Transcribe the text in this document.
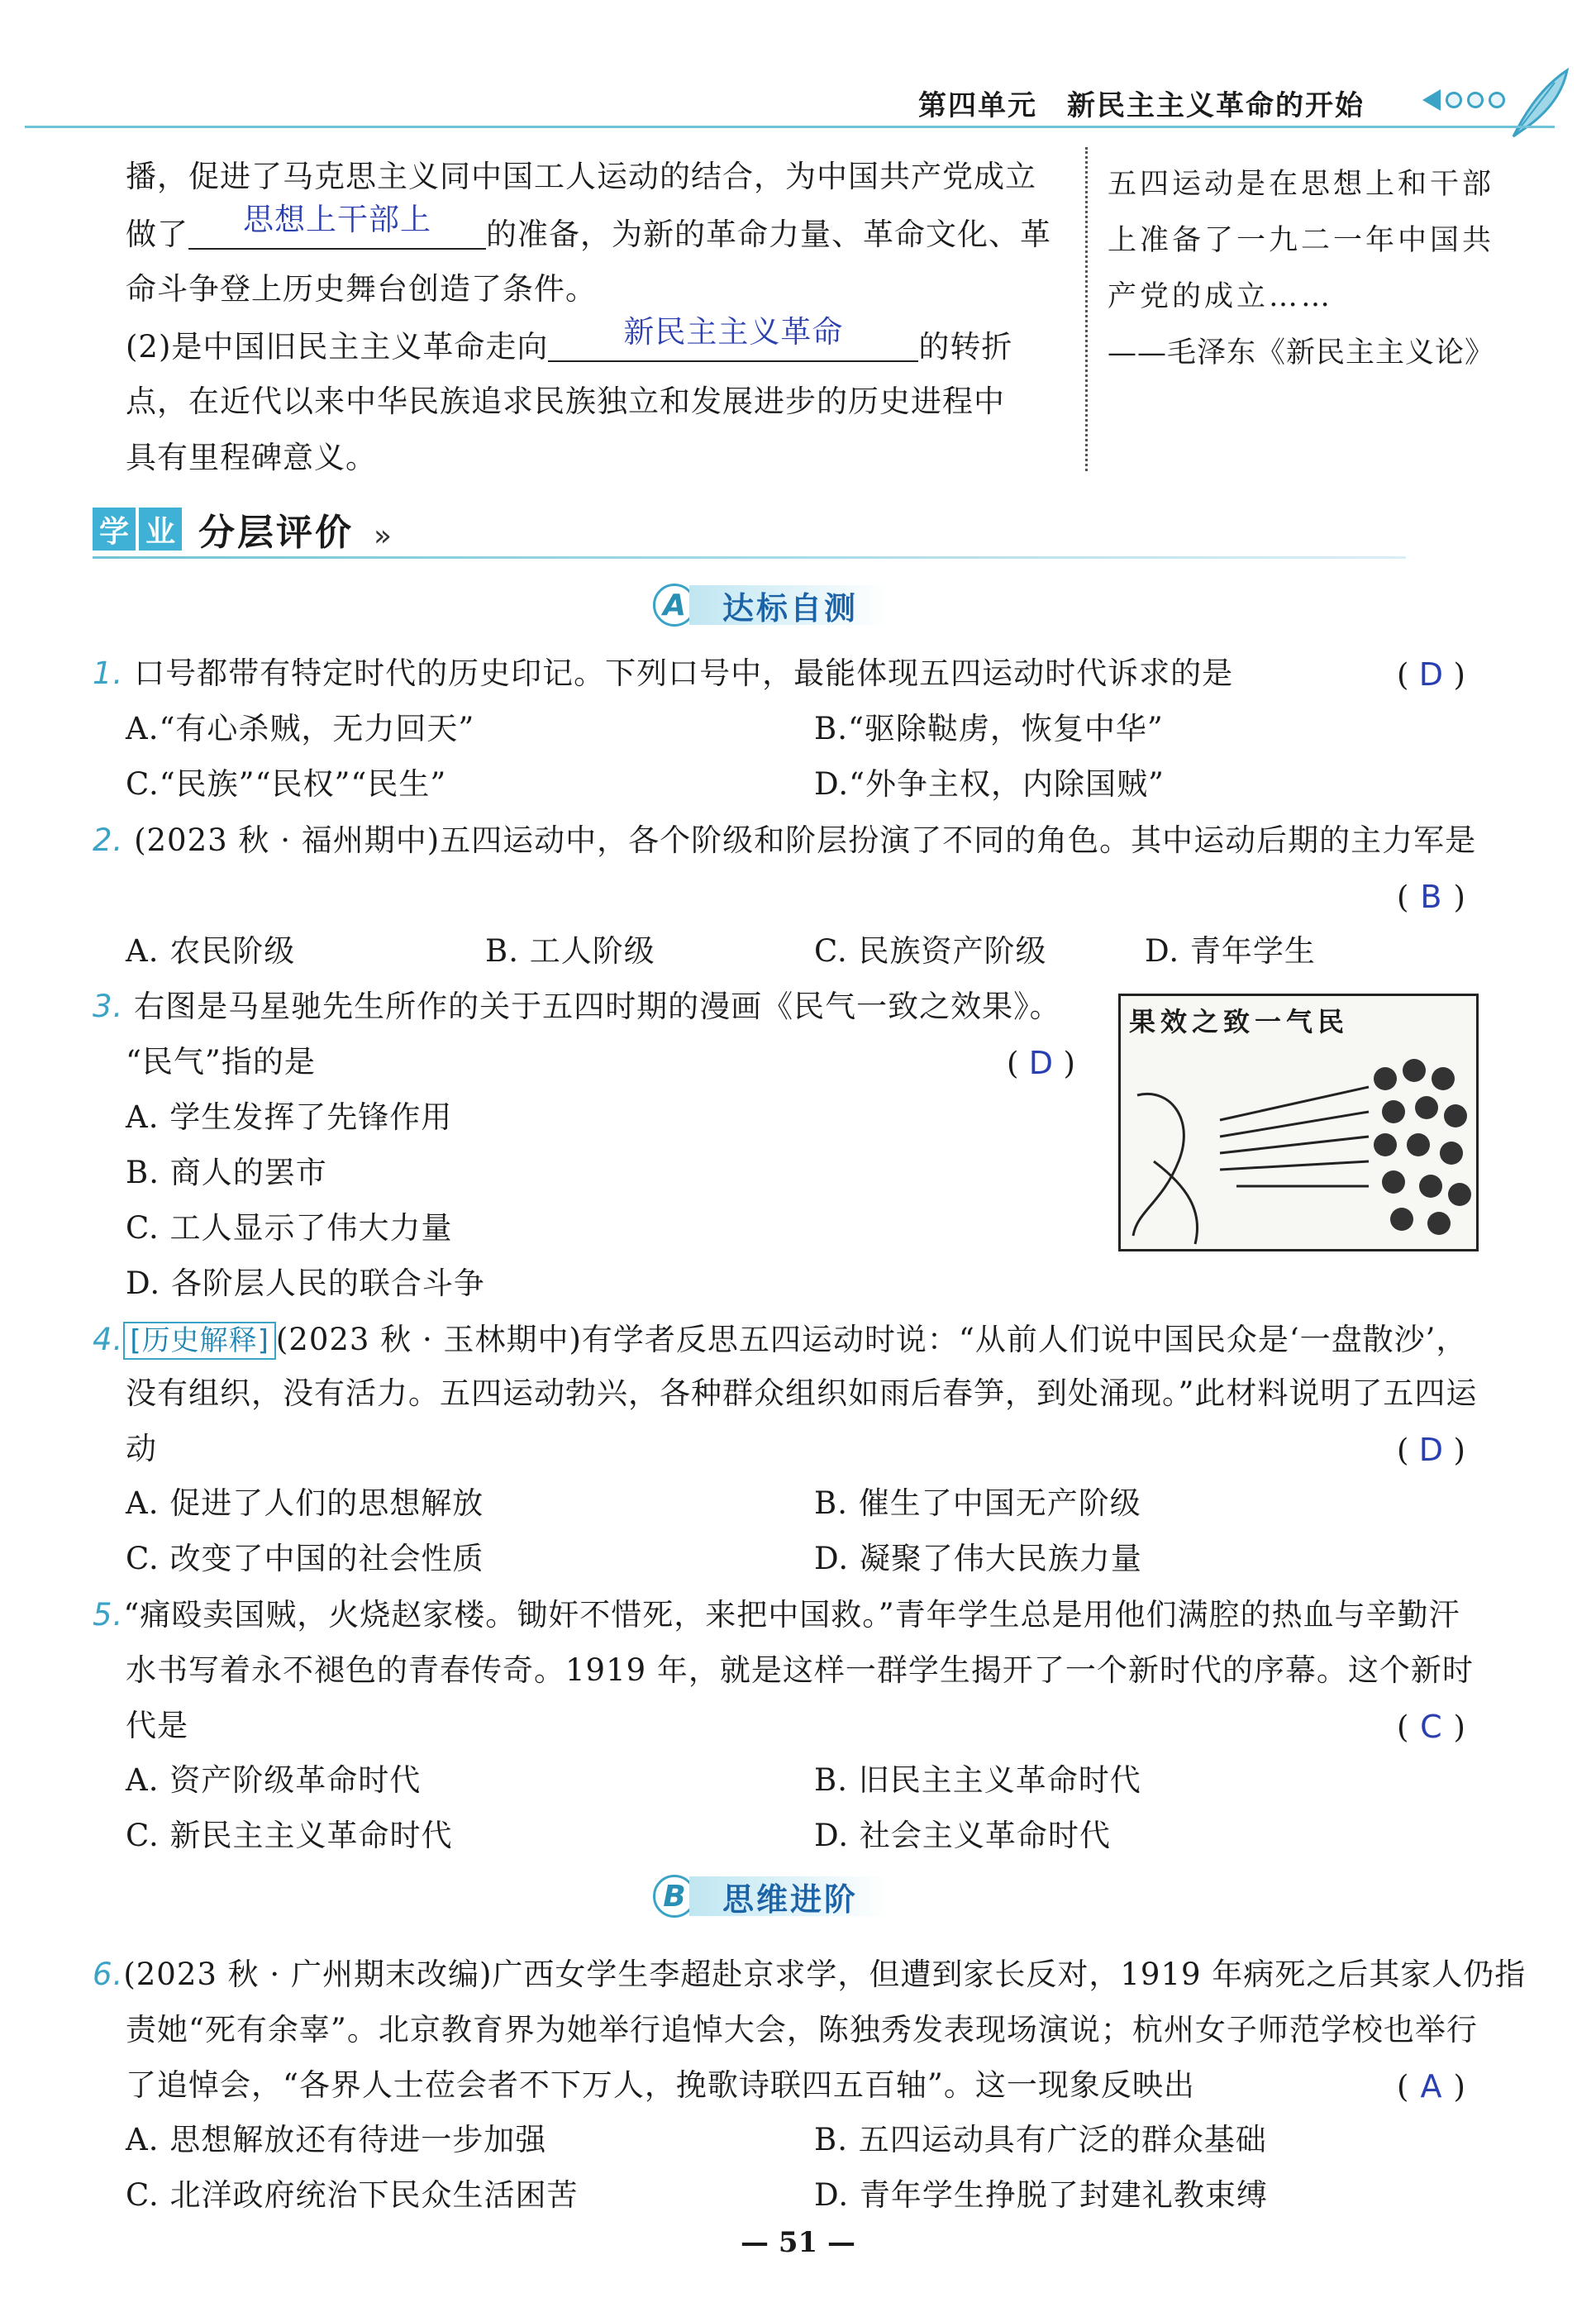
第四单元　新民主主义革命的开始
播，促进了马克思主义同中国工人运动的结合，为中国共产党成立
做了 思想上干部上 的准备，为新的革命力量、革命文化、革
命斗争登上历史舞台创造了条件。
(2)是中国旧民主主义革命走向 新民主主义革命 的转折
点，在近代以来中华民族追求民族独立和发展进步的历史进程中
具有里程碑意义。
五四运动是在思想上和干部
上准备了一九二一年中国共
产党的成立……
——毛泽东《新民主主义论》
学 业 分层评价 »
A	达标自测
1. 口号都带有特定时代的历史印记。下列口号中，最能体现五四运动时代诉求的是	( D )
A.“有心杀贼，无力回天”	B.“驱除鞑虏，恢复中华”
C.“民族”“民权”“民生”	D.“外争主权，内除国贼”
2. (2023 秋 · 福州期中)五四运动中，各个阶级和阶层扮演了不同的角色。其中运动后期的主力军是
( B )
A. 农民阶级	B. 工人阶级	C. 民族资产阶级	D. 青年学生
3. 右图是马星驰先生所作的关于五四时期的漫画《民气一致之效果》。
“民气”指的是	( D )
A. 学生发挥了先锋作用
B. 商人的罢市
C. 工人显示了伟大力量
D. 各阶层人民的联合斗争
民气一致之效果
4. [历史解释] (2023 秋 · 玉林期中)有学者反思五四运动时说：“从前人们说中国民众是‘一盘散沙’，
没有组织，没有活力。五四运动勃兴，各种群众组织如雨后春笋，到处涌现。”此材料说明了五四运
动	( D )
A. 促进了人们的思想解放	B. 催生了中国无产阶级
C. 改变了中国的社会性质	D. 凝聚了伟大民族力量
5.“痛殴卖国贼，火烧赵家楼。锄奸不惜死，来把中国救。”青年学生总是用他们满腔的热血与辛勤汗
水书写着永不褪色的青春传奇。1919 年，就是这样一群学生揭开了一个新时代的序幕。这个新时
代是	( C )
A. 资产阶级革命时代	B. 旧民主主义革命时代
C. 新民主主义革命时代	D. 社会主义革命时代
B	思维进阶
6.(2023 秋 · 广州期末改编)广西女学生李超赴京求学，但遭到家长反对，1919 年病死之后其家人仍指
责她“死有余辜”。北京教育界为她举行追悼大会，陈独秀发表现场演说；杭州女子师范学校也举行
了追悼会，“各界人士莅会者不下万人，挽歌诗联四五百轴”。这一现象反映出	( A )
A. 思想解放还有待进一步加强	B. 五四运动具有广泛的群众基础
C. 北洋政府统治下民众生活困苦	D. 青年学生挣脱了封建礼教束缚
— 51 —
